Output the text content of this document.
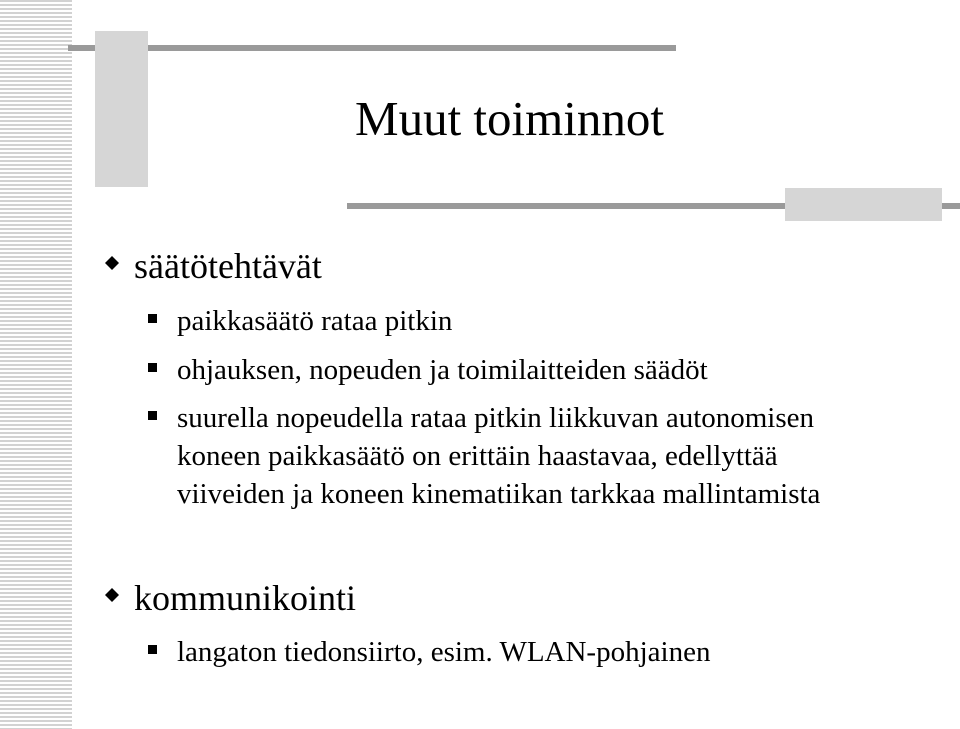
Muut toiminnot
säätötehtävät
paikkasäätö rataa pitkin
ohjauksen, nopeuden ja toimilaitteiden säädöt
suurella nopeudella rataa pitkin liikkuvan autonomisen koneen paikkasäätö on erittäin haastavaa, edellyttää viiveiden ja koneen kinematiikan tarkkaa mallintamista
kommunikointi
langaton tiedonsiirto, esim. WLAN-pohjainen
